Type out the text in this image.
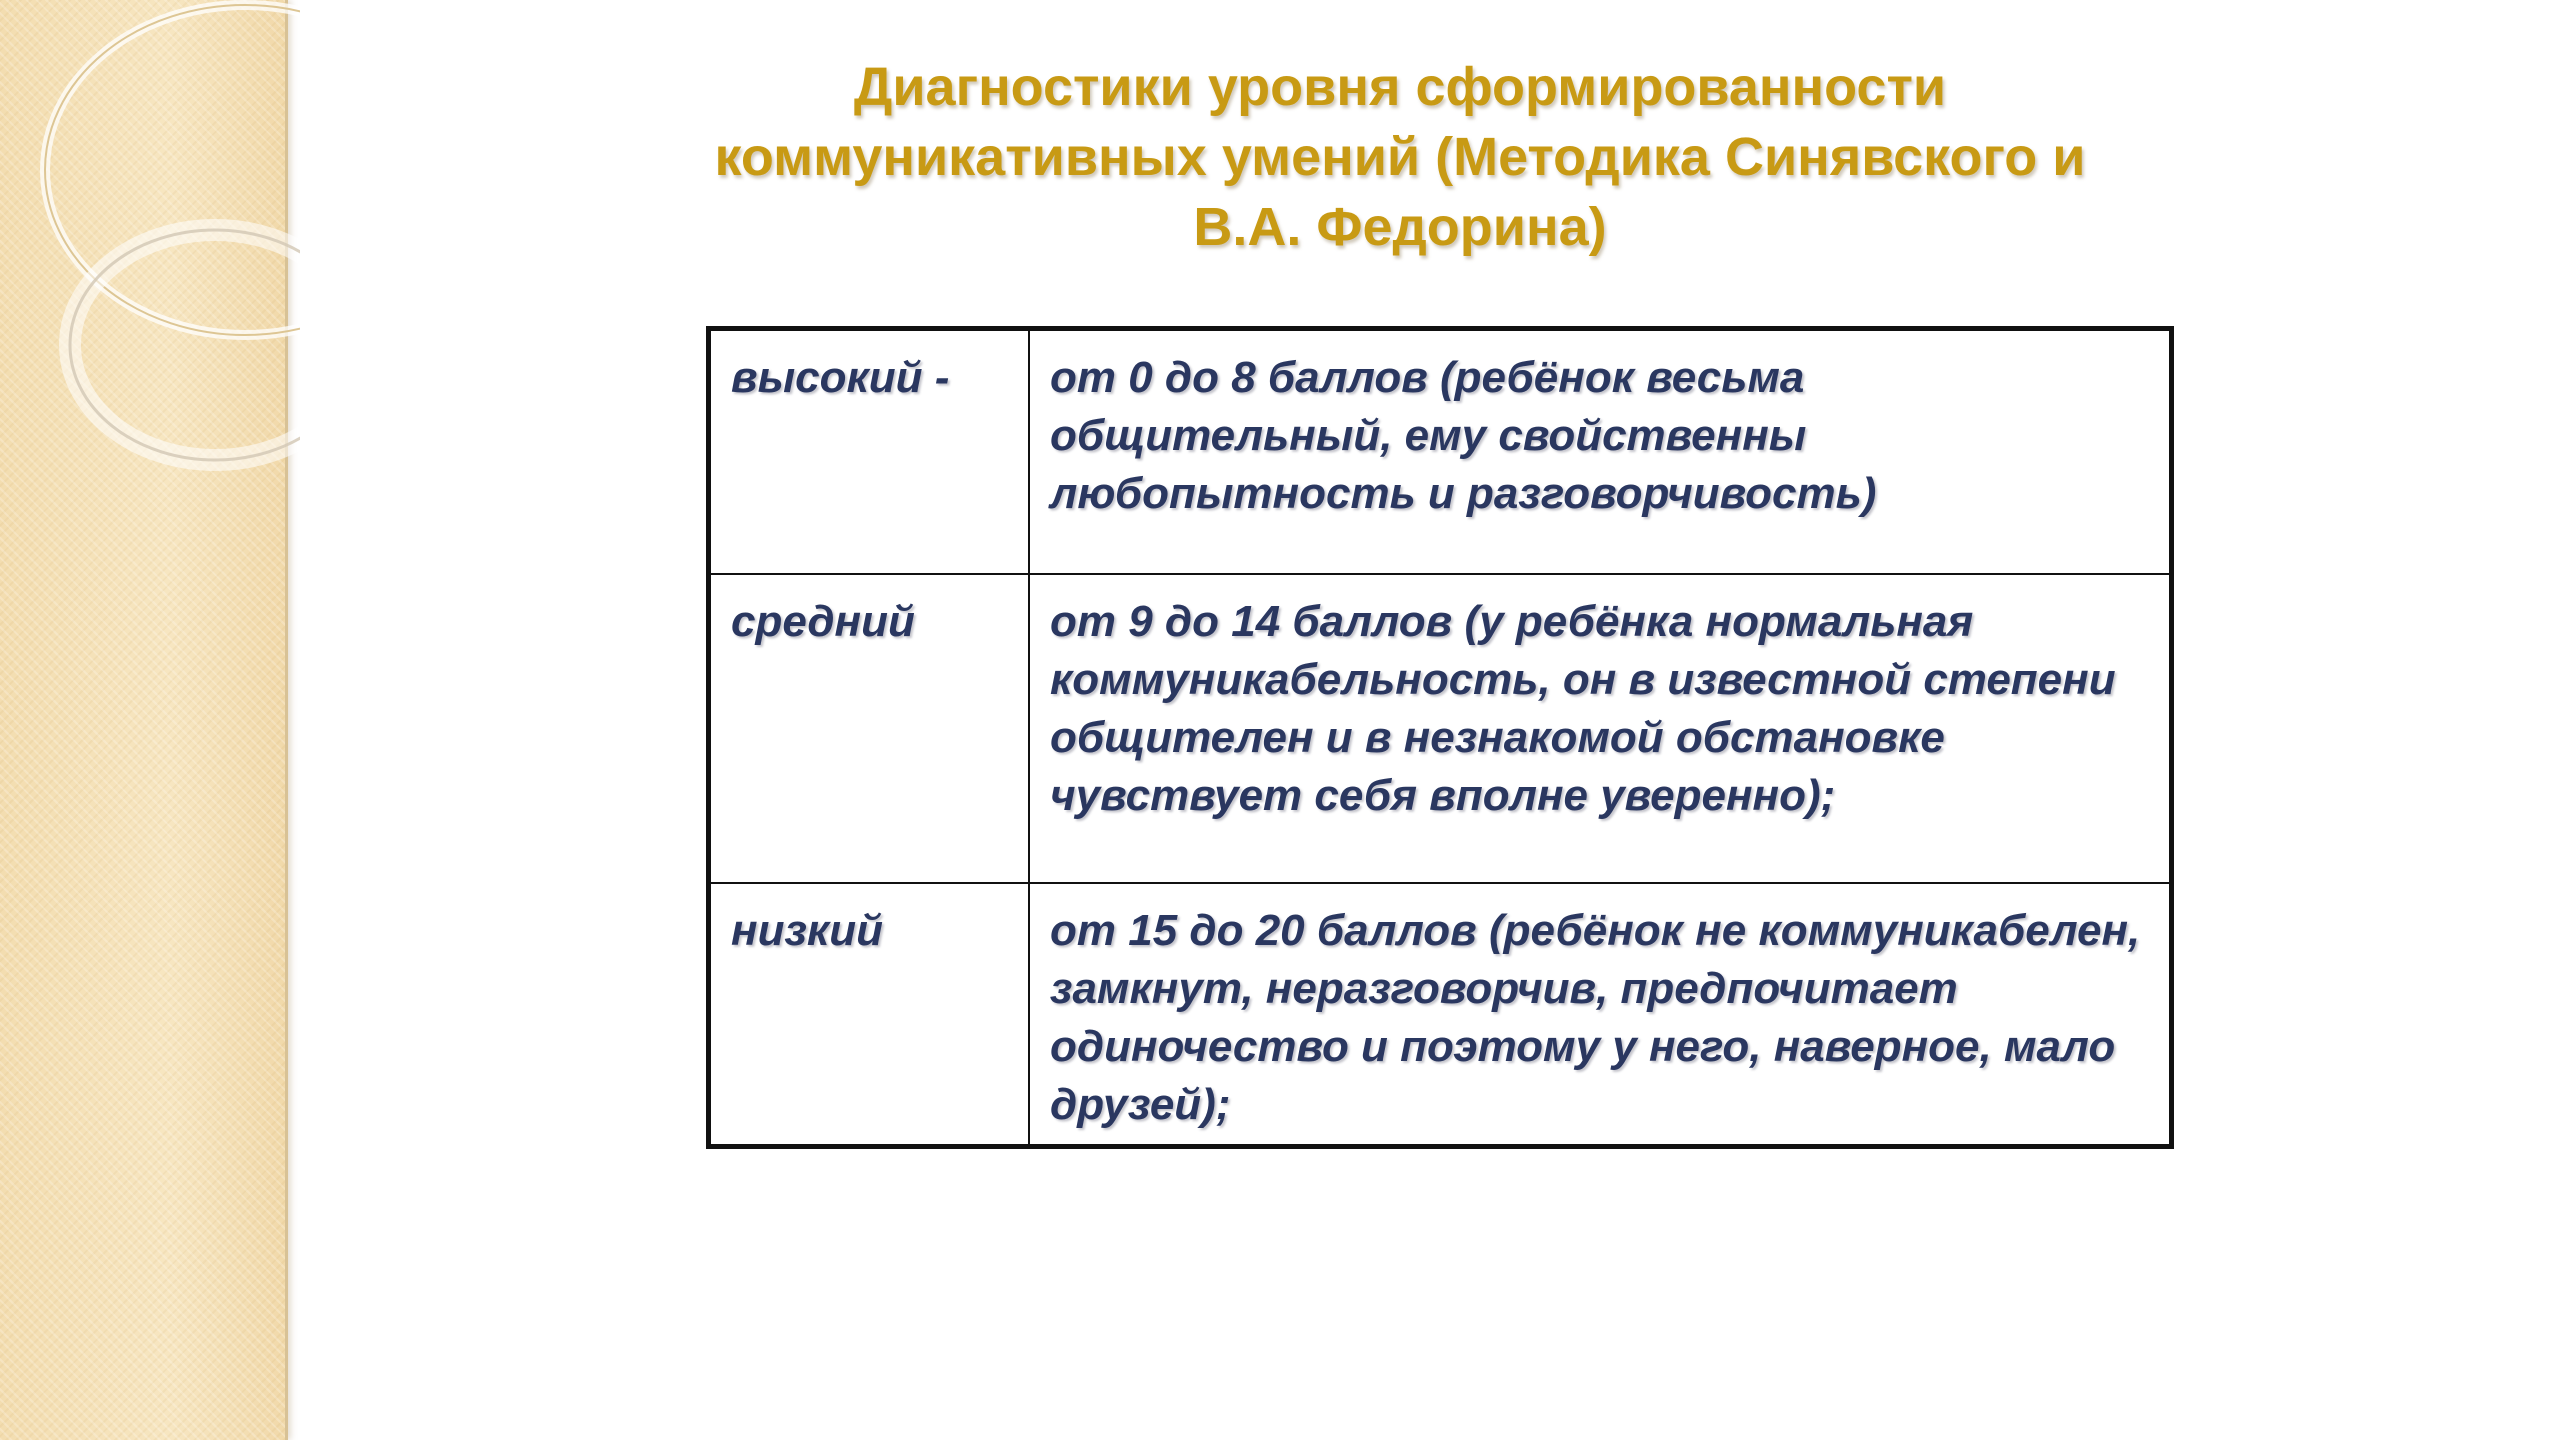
Диагностики уровня сформированности
коммуникативных умений (Методика Синявского и
В.А. Федорина)
высокий -	от 0 до 8 баллов (ребёнок весьма общительный, ему свойственны любопытность и разговорчивость)
средний	от 9 до 14 баллов (у ребёнка нормальная коммуникабельность, он в известной степени общителен и в незнакомой обстановке чувствует себя вполне уверенно);
низкий	от 15 до 20 баллов (ребёнок не коммуникабелен, замкнут, неразговорчив, предпочитает одиночество и поэтому у него, наверное, мало друзей);
